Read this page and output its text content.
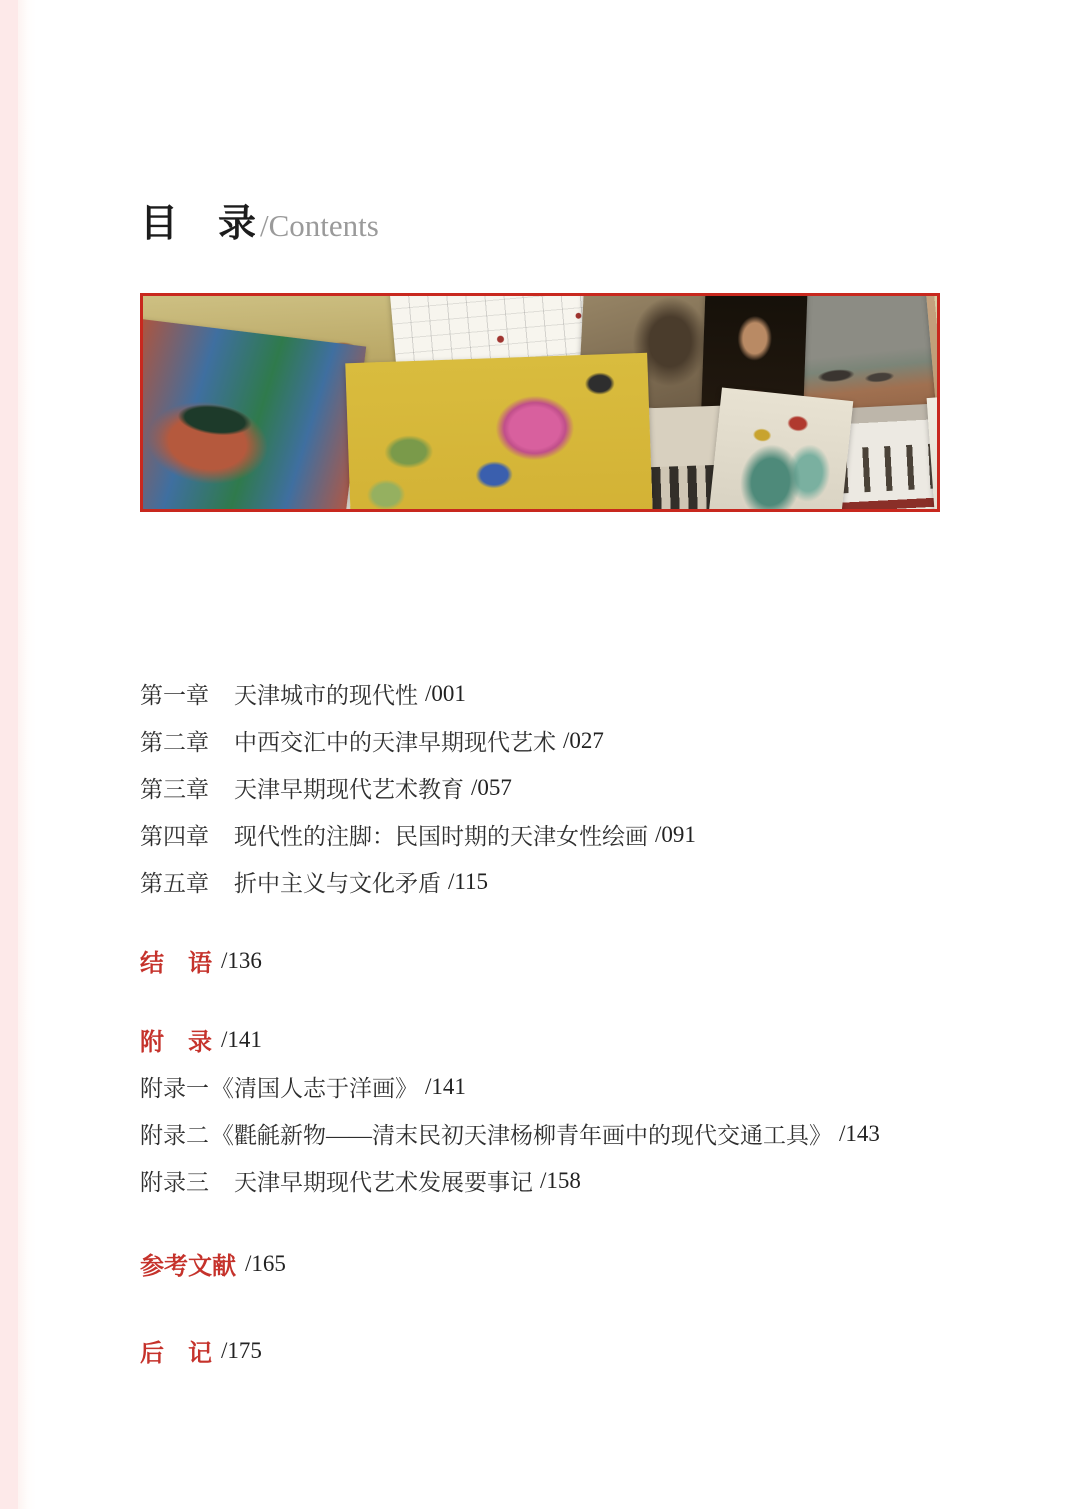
目　录/Contents
第一章	天津城市的现代性 /001
第二章	中西交汇中的天津早期现代艺术 /027
第三章	天津早期现代艺术教育 /057
第四章	现代性的注脚：民国时期的天津女性绘画 /091
第五章	折中主义与文化矛盾 /115
结　语 /136
附　录 /141
附录一 《清国人志于洋画》 /141
附录二 《氍毹新物——清末民初天津杨柳青年画中的现代交通工具》 /143
附录三	天津早期现代艺术发展要事记 /158
参考文献 /165
后　记 /175
